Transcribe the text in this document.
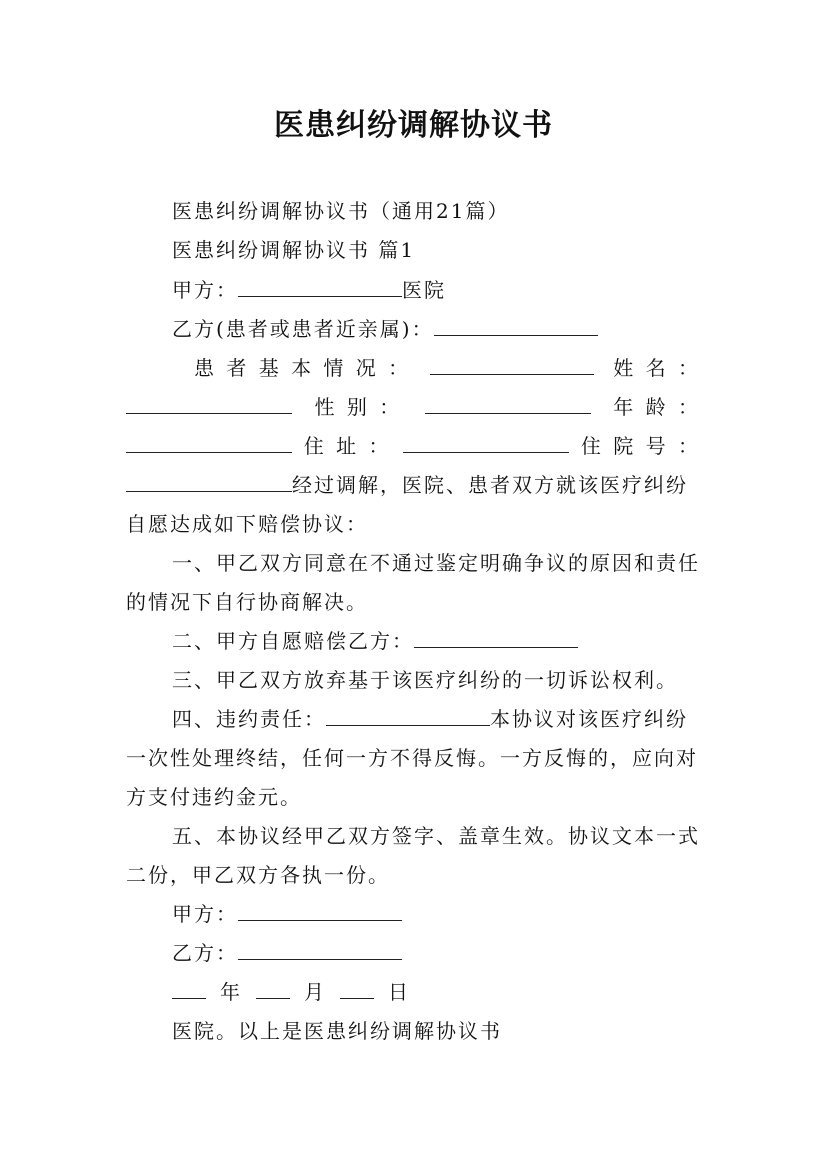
医患纠纷调解协议书
医患纠纷调解协议书（通用21篇）
医患纠纷调解协议书 篇1
甲方：	医院
乙方(患者或患者近亲属)：
患 者 基 本 情 况 ：	姓 名 ：
性 别 ：	年 龄 ：
住 址 ：	住 院 号 ：
经过调解，医院、患者双方就该医疗纠纷
自愿达成如下赔偿协议：
一、甲乙双方同意在不通过鉴定明确争议的原因和责任
的情况下自行协商解决。
二、甲方自愿赔偿乙方：
三、甲乙双方放弃基于该医疗纠纷的一切诉讼权利。
四、违约责任：	本协议对该医疗纠纷
一次性处理终结，任何一方不得反悔。一方反悔的，应向对
方支付违约金元。
五、本协议经甲乙双方签字、盖章生效。协议文本一式
二份，甲乙双方各执一份。
甲方：
乙方：
年	月	日
医院。以上是医患纠纷调解协议书
